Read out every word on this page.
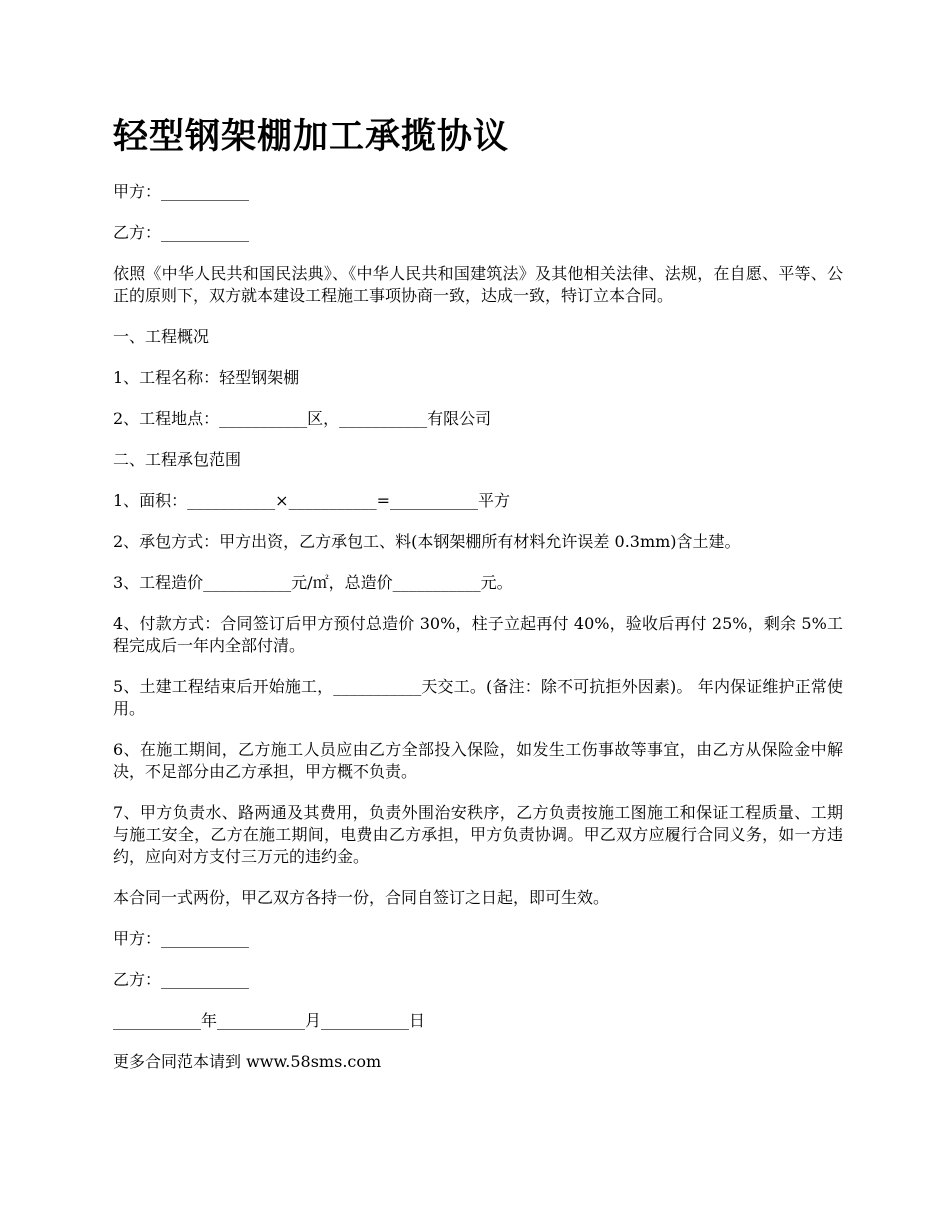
轻型钢架棚加工承揽协议

甲方：___________

乙方：___________

依照《中华人民共和国民法典》、《中华人民共和国建筑法》及其他相关法律、法规，在自愿、平等、公正的原则下，双方就本建设工程施工事项协商一致，达成一致，特订立本合同。

一、工程概况

1、工程名称：轻型钢架棚

2、工程地点：___________区，___________有限公司

二、工程承包范围

1、面积：___________×___________=___________平方

2、承包方式：甲方出资，乙方承包工、料(本钢架棚所有材料允许误差 0.3mm)含土建。

3、工程造价___________元/㎡，总造价___________元。

4、付款方式：合同签订后甲方预付总造价 30%，柱子立起再付 40%，验收后再付 25%，剩余 5%工程完成后一年内全部付清。

5、土建工程结束后开始施工，___________天交工。(备注：除不可抗拒外因素)。 年内保证维护正常使用。

6、在施工期间，乙方施工人员应由乙方全部投入保险，如发生工伤事故等事宜，由乙方从保险金中解决，不足部分由乙方承担，甲方概不负责。

7、甲方负责水、路两通及其费用，负责外围治安秩序，乙方负责按施工图施工和保证工程质量、工期与施工安全，乙方在施工期间，电费由乙方承担，甲方负责协调。甲乙双方应履行合同义务，如一方违约，应向对方支付三万元的违约金。

本合同一式两份，甲乙双方各持一份，合同自签订之日起，即可生效。

甲方：___________

乙方：___________

___________年___________月___________日

更多合同范本请到 www.58sms.com
